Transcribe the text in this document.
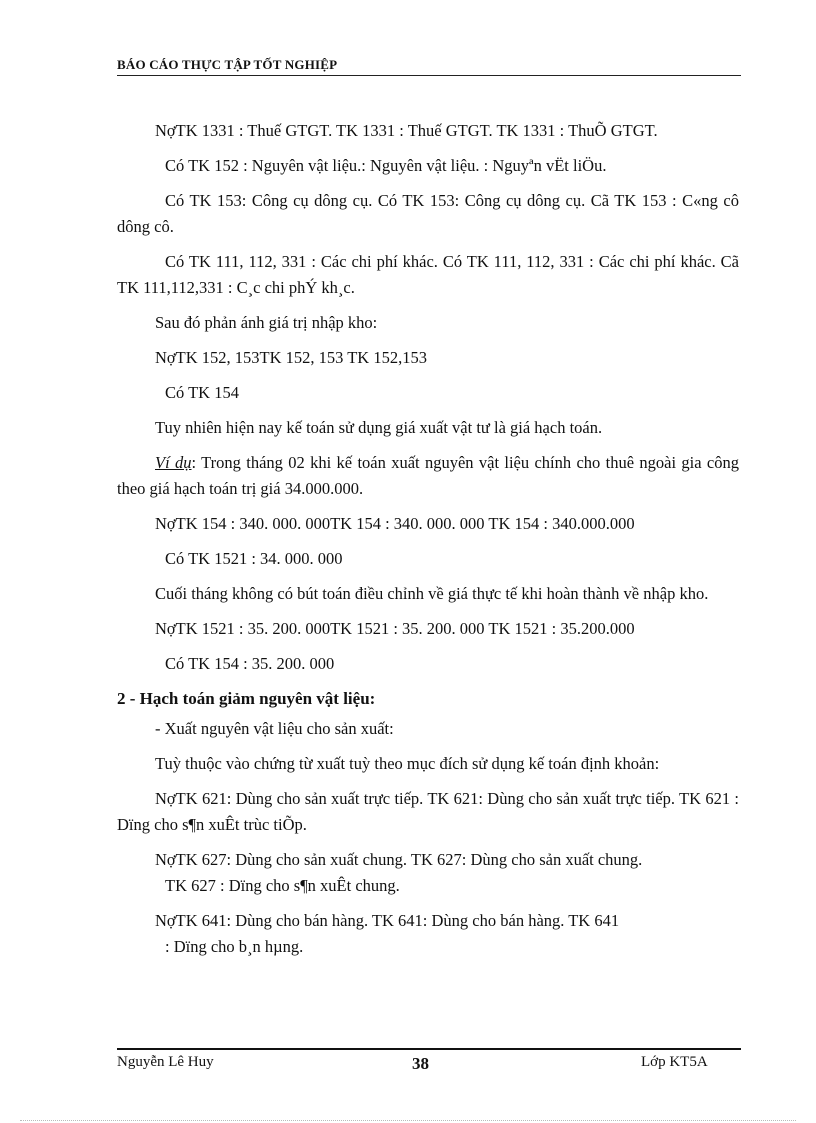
BÁO CÁO THỰC TẬP TỐT NGHIỆP

NợTK 1331 : Thuế GTGT. TK 1331 : Thuế GTGT. TK 1331 : ThuÕ GTGT.

Có TK 152 : Nguyên vật liệu.: Nguyên vật liệu. : Nguyªn vËt liÖu.

Có TK 153: Công cụ dông cụ. Có TK 153: Công cụ dông cụ. Cã TK 153 : C«ng cô dông cô.

Có TK 111, 112, 331 : Các chi phí khác. Có TK 111, 112, 331 : Các chi phí khác. Cã TK 111,112,331 : C¸c chi phÝ kh¸c.

Sau đó phản ánh giá trị nhập kho:

NợTK 152, 153TK 152, 153 TK 152,153

Có TK 154

Tuy nhiên hiện nay kế toán sử dụng giá xuất vật tư là giá hạch toán.

Ví dụ: Trong tháng 02 khi kế toán xuất nguyên vật liệu chính cho thuê ngoài gia công theo giá hạch toán trị giá 34.000.000.

NợTK 154 : 340. 000. 000TK 154 : 340. 000. 000 TK 154 : 340.000.000

Có TK 1521 : 34. 000. 000

Cuối tháng không có bút toán điều chỉnh về giá thực tế khi hoàn thành về nhập kho.

NợTK 1521 : 35. 200. 000TK 1521 : 35. 200. 000 TK 1521 : 35.200.000

Có TK 154 : 35. 200. 000

2 - Hạch toán giảm nguyên vật liệu:

- Xuất nguyên vật liệu cho sản xuất:

Tuỳ thuộc vào chứng từ xuất tuỳ theo mục đích sử dụng kế toán định khoản:

NợTK 621: Dùng cho sản xuất trực tiếp. TK 621: Dùng cho sản xuất trực tiếp. TK 621 : Dïng cho s¶n xuÊt trùc tiÕp.

NợTK 627: Dùng cho sản xuất chung. TK 627: Dùng cho sản xuất chung.

TK 627 : Dïng cho s¶n xuÊt chung.

NợTK 641: Dùng cho bán hàng. TK 641: Dùng cho bán hàng. TK 641

: Dïng cho b¸n hµng.

Nguyễn Lê Huy	38	Lớp KT5A
